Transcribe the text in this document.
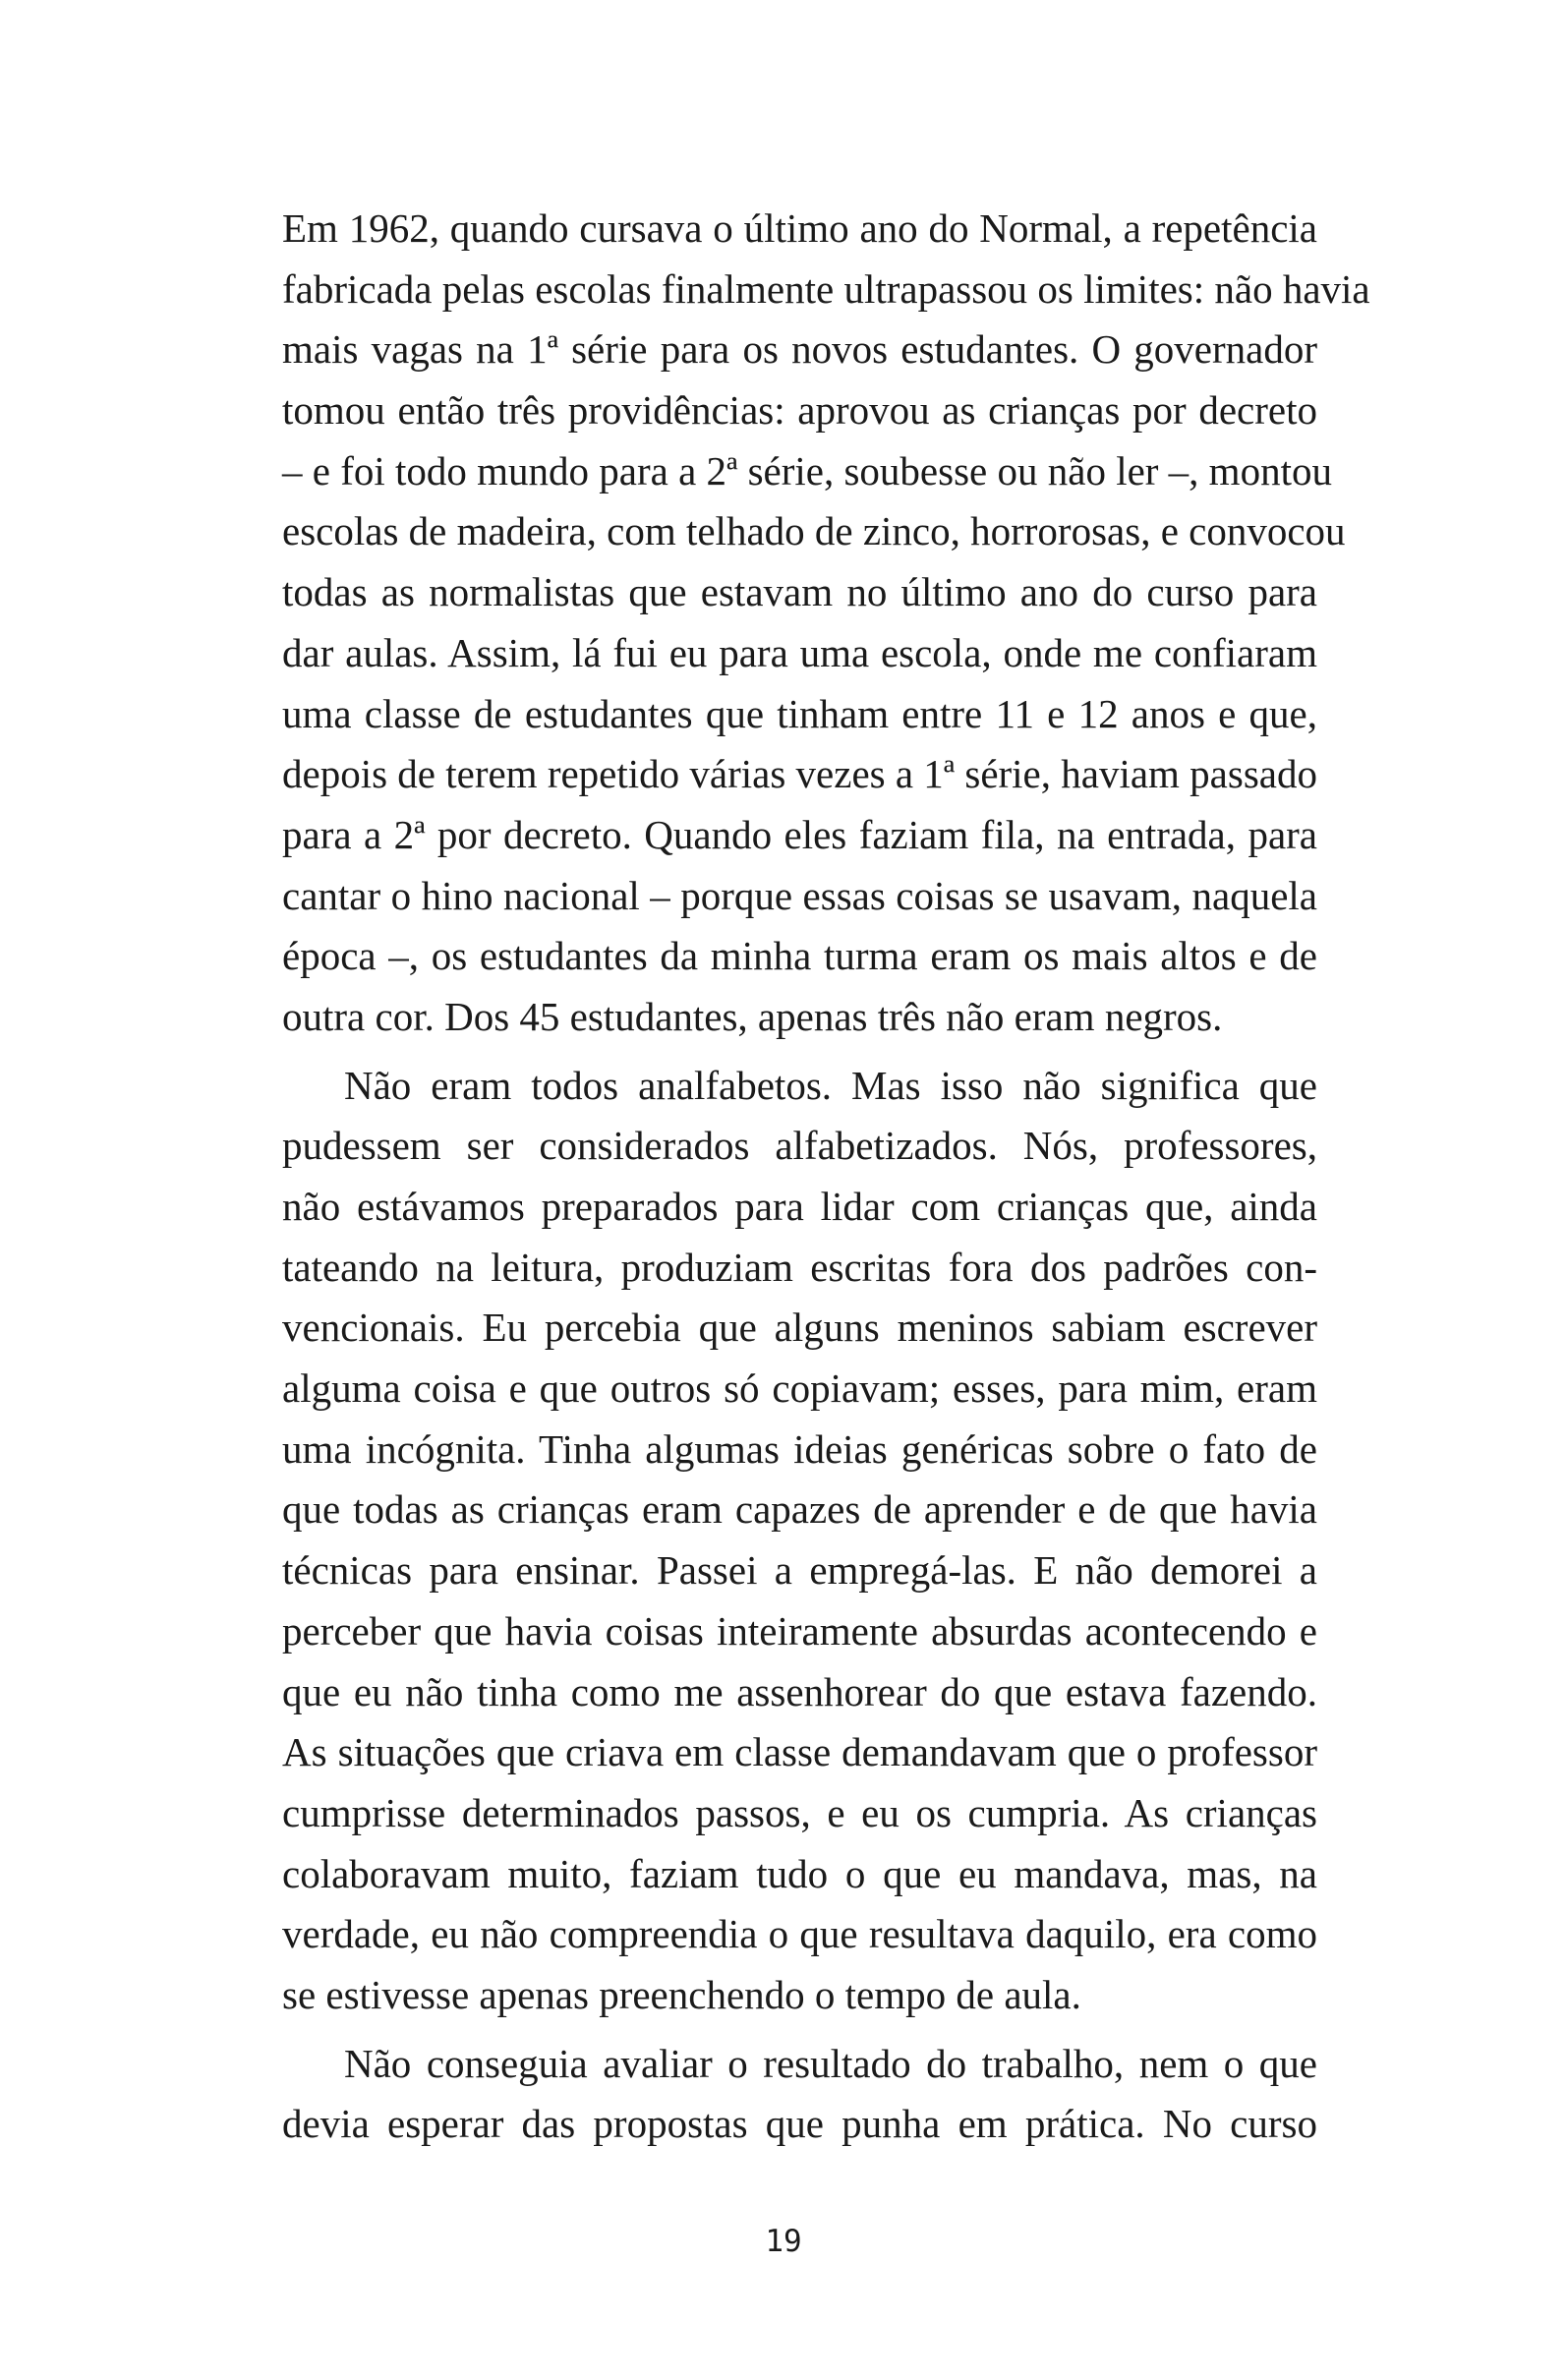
Em 1962, quando cursava o último ano do Normal, a repetência
fabricada pelas escolas finalmente ultrapassou os limites: não havia
mais vagas na 1ª série para os novos estudantes. O governador
tomou então três providências: aprovou as crianças por decreto
– e foi todo mundo para a 2ª série, soubesse ou não ler –, montou
escolas de madeira, com telhado de zinco, horrorosas, e convocou
todas as normalistas que estavam no último ano do curso para
dar aulas. Assim, lá fui eu para uma escola, onde me confiaram
uma classe de estudantes que tinham entre 11 e 12 anos e que,
depois de terem repetido várias vezes a 1ª série, haviam passado
para a 2ª por decreto. Quando eles faziam fila, na entrada, para
cantar o hino nacional – porque essas coisas se usavam, naquela
época –, os estudantes da minha turma eram os mais altos e de
outra cor. Dos 45 estudantes, apenas três não eram negros.
Não eram todos analfabetos. Mas isso não significa que
pudessem ser considerados alfabetizados. Nós, professores,
não estávamos preparados para lidar com crianças que, ainda
tateando na leitura, produziam escritas fora dos padrões con-
vencionais. Eu percebia que alguns meninos sabiam escrever
alguma coisa e que outros só copiavam; esses, para mim, eram
uma incógnita. Tinha algumas ideias genéricas sobre o fato de
que todas as crianças eram capazes de aprender e de que havia
técnicas para ensinar. Passei a empregá-las. E não demorei a
perceber que havia coisas inteiramente absurdas acontecendo e
que eu não tinha como me assenhorear do que estava fazendo.
As situações que criava em classe demandavam que o professor
cumprisse determinados passos, e eu os cumpria. As crianças
colaboravam muito, faziam tudo o que eu mandava, mas, na
verdade, eu não compreendia o que resultava daquilo, era como
se estivesse apenas preenchendo o tempo de aula.
Não conseguia avaliar o resultado do trabalho, nem o que
devia esperar das propostas que punha em prática. No curso
19
